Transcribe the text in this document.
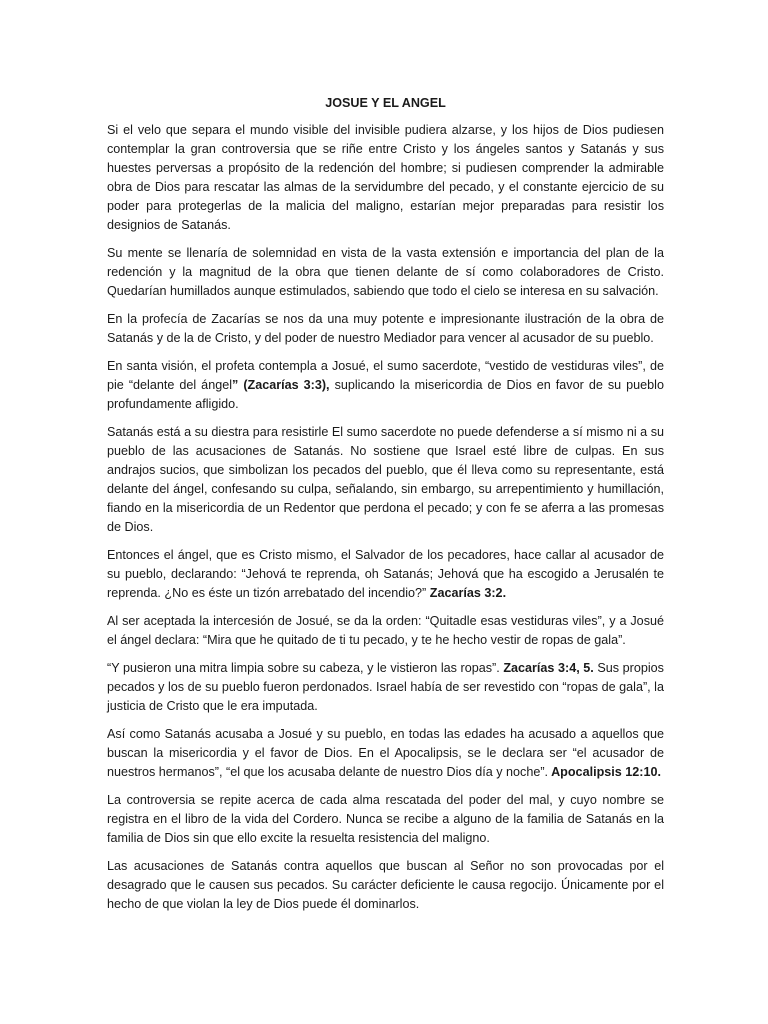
JOSUE Y EL ANGEL

Si el velo que separa el mundo visible del invisible pudiera alzarse, y los hijos de Dios pudiesen contemplar la gran controversia que se riñe entre Cristo y los ángeles santos y Satanás y sus huestes perversas a propósito de la redención del hombre; si pudiesen comprender la admirable obra de Dios para rescatar las almas de la servidumbre del pecado, y el constante ejercicio de su poder para protegerlas de la malicia del maligno, estarían mejor preparadas para resistir los designios de Satanás.

Su mente se llenaría de solemnidad en vista de la vasta extensión e importancia del plan de la redención y la magnitud de la obra que tienen delante de sí como colaboradores de Cristo. Quedarían humillados aunque estimulados, sabiendo que todo el cielo se interesa en su salvación.

En la profecía de Zacarías se nos da una muy potente e impresionante ilustración de la obra de Satanás y de la de Cristo, y del poder de nuestro Mediador para vencer al acusador de su pueblo.

En santa visión, el profeta contempla a Josué, el sumo sacerdote, “vestido de vestiduras viles”, de pie “delante del ángel” (Zacarías 3:3), suplicando la misericordia de Dios en favor de su pueblo profundamente afligido.

Satanás está a su diestra para resistirle El sumo sacerdote no puede defenderse a sí mismo ni a su pueblo de las acusaciones de Satanás. No sostiene que Israel esté libre de culpas. En sus andrajos sucios, que simbolizan los pecados del pueblo, que él lleva como su representante, está delante del ángel, confesando su culpa, señalando, sin embargo, su arrepentimiento y humillación, fiando en la misericordia de un Redentor que perdona el pecado; y con fe se aferra a las promesas de Dios.

Entonces el ángel, que es Cristo mismo, el Salvador de los pecadores, hace callar al acusador de su pueblo, declarando: “Jehová te reprenda, oh Satanás; Jehová que ha escogido a Jerusalén te reprenda. ¿No es éste un tizón arrebatado del incendio?” Zacarías 3:2.

Al ser aceptada la intercesión de Josué, se da la orden: “Quitadle esas vestiduras viles”, y a Josué el ángel declara: “Mira que he quitado de ti tu pecado, y te he hecho vestir de ropas de gala”.

“Y pusieron una mitra limpia sobre su cabeza, y le vistieron las ropas”. Zacarías 3:4, 5. Sus propios pecados y los de su pueblo fueron perdonados. Israel había de ser revestido con “ropas de gala”, la justicia de Cristo que le era imputada.

Así como Satanás acusaba a Josué y su pueblo, en todas las edades ha acusado a aquellos que buscan la misericordia y el favor de Dios. En el Apocalipsis, se le declara ser “el acusador de nuestros hermanos”, “el que los acusaba delante de nuestro Dios día y noche”. Apocalipsis 12:10.

La controversia se repite acerca de cada alma rescatada del poder del mal, y cuyo nombre se registra en el libro de la vida del Cordero. Nunca se recibe a alguno de la familia de Satanás en la familia de Dios sin que ello excite la resuelta resistencia del maligno.

Las acusaciones de Satanás contra aquellos que buscan al Señor no son provocadas por el desagrado que le causen sus pecados. Su carácter deficiente le causa regocijo. Únicamente por el hecho de que violan la ley de Dios puede él dominarlos.
